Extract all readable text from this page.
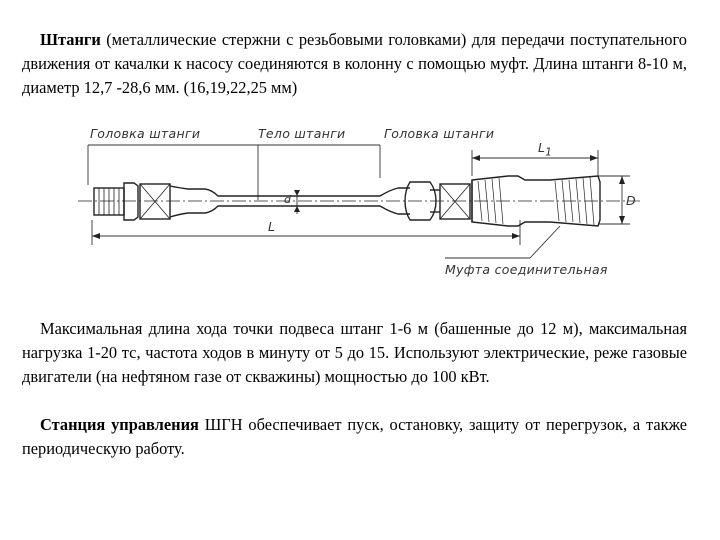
Штанги (металлические стержни с резьбовыми головками) для передачи поступательного движения от качалки к насосу соединяются в колонну с помощью муфт. Длина штанги 8-10 м, диаметр 12,7 -28,6 мм. (16,19,22,25 мм)

Головка штанги	Тело штанги	Головка штанги
$L_1$
L
d	D
Муфта соединительная

Максимальная длина хода точки подвеса штанг 1-6 м (башенные до 12 м), максимальная нагрузка 1-20 тс, частота ходов в минуту от 5 до 15. Используют электрические, реже газовые двигатели (на нефтяном газе от скважины) мощностью до 100 кВт.

Станция управления ШГН обеспечивает пуск, остановку, защиту от перегрузок, а также периодическую работу.
